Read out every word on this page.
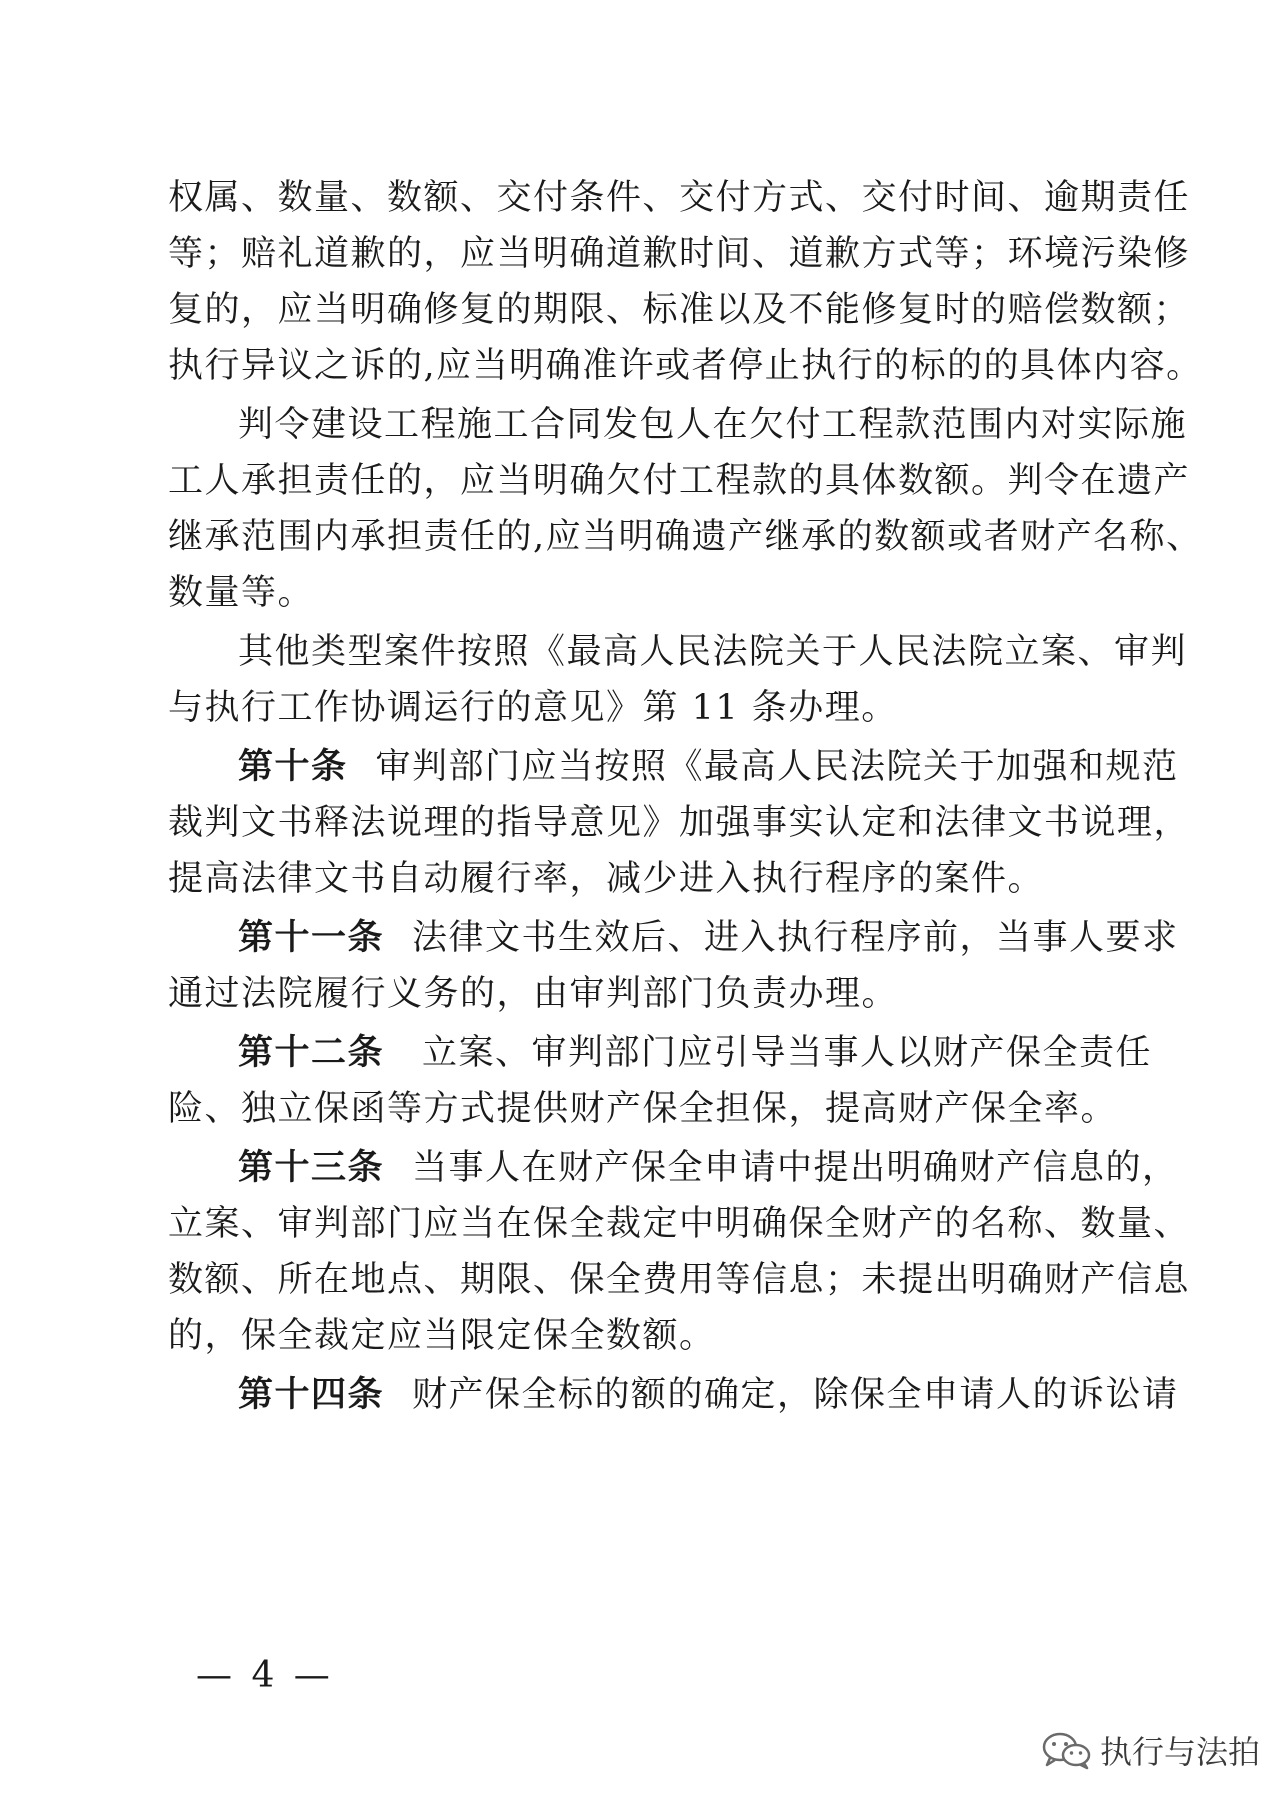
权属、数量、数额、交付条件、交付方式、交付时间、逾期责任
等；赔礼道歉的，应当明确道歉时间、道歉方式等；环境污染修
复的，应当明确修复的期限、标准以及不能修复时的赔偿数额；
执行异议之诉的,应当明确准许或者停止执行的标的的具体内容。
判令建设工程施工合同发包人在欠付工程款范围内对实际施
工人承担责任的，应当明确欠付工程款的具体数额。判令在遗产
继承范围内承担责任的,应当明确遗产继承的数额或者财产名称、
数量等。
其他类型案件按照《最高人民法院关于人民法院立案、审判
与执行工作协调运行的意见》第 11 条办理。
第十条 审判部门应当按照《最高人民法院关于加强和规范
裁判文书释法说理的指导意见》加强事实认定和法律文书说理，
提高法律文书自动履行率，减少进入执行程序的案件。
第十一条 法律文书生效后、进入执行程序前，当事人要求
通过法院履行义务的，由审判部门负责办理。
第十二条 立案、审判部门应引导当事人以财产保全责任
险、独立保函等方式提供财产保全担保，提高财产保全率。
第十三条 当事人在财产保全申请中提出明确财产信息的，
立案、审判部门应当在保全裁定中明确保全财产的名称、数量、
数额、所在地点、期限、保全费用等信息；未提出明确财产信息
的，保全裁定应当限定保全数额。
第十四条 财产保全标的额的确定，除保全申请人的诉讼请
— 4 —
执行与法拍
